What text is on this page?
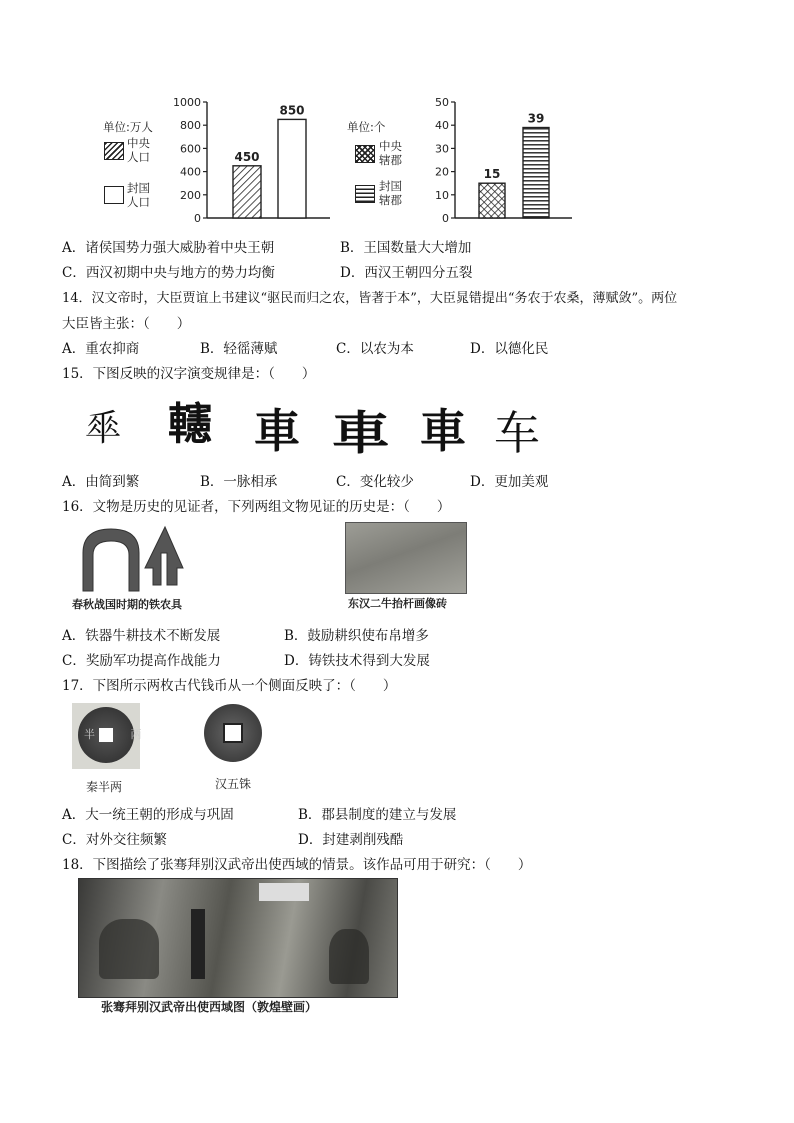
单位:万人
中央
人口
封国
人口
1000
800
600
400
200
0
450
850
单位:个
中央
辖郡
封国
辖郡
50
40
30
20
10
0
15
39
A．诸侯国势力强大威胁着中央王朝	B．王国数量大大增加
C．西汉初期中央与地方的势力均衡	D．西汉王朝四分五裂
14．汉文帝时，大臣贾谊上书建议“驱民而归之农，皆著于本”，大臣晁错提出“务农于农桑，薄赋敛”。两位
大臣皆主张：（　　）
A．重农抑商	B．轻徭薄赋	C．以农为本	D．以德化民
15．下图反映的汉字演变规律是：（　　）
𠦬 𨏥 車 車 車 车
A．由简到繁	B．一脉相承	C．变化较少	D．更加美观
16．文物是历史的见证者，下列两组文物见证的历史是：（　　）
春秋战国时期的铁农具	东汉二牛抬杆画像砖
A．铁器牛耕技术不断发展	B．鼓励耕织使布帛增多
C．奖励军功提高作战能力	D．铸铁技术得到大发展
17．下图所示两枚古代钱币从一个侧面反映了：（　　）
半 两
秦半两	汉五铢
A．大一统王朝的形成与巩固	B．郡县制度的建立与发展
C．对外交往频繁	D．封建剥削残酷
18．下图描绘了张骞拜别汉武帝出使西域的情景。该作品可用于研究：（　　）
张骞拜别汉武帝出使西域图（敦煌壁画）
